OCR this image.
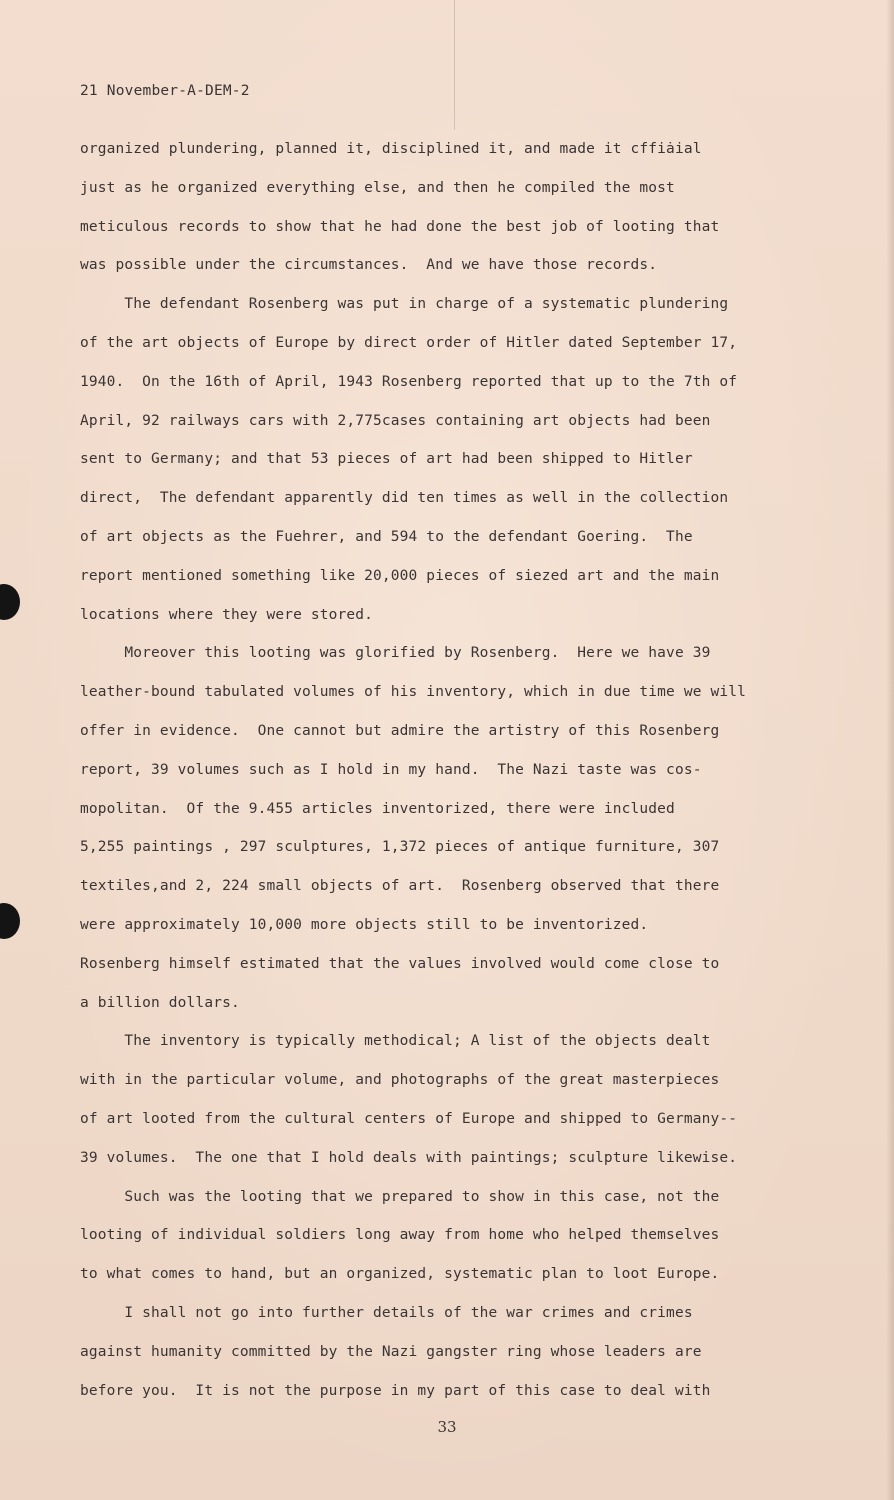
21 November-A-DEM-2
organized plundering, planned it, disciplined it, and made it cffiȧial
just as he organized everything else, and then he compiled the most
meticulous records to show that he had done the best job of looting that
was possible under the circumstances.  And we have those records.
The defendant Rosenberg was put in charge of a systematic plundering
of the art objects of Europe by direct order of Hitler dated September 17,
1940.  On the 16th of April, 1943 Rosenberg reported that up to the 7th of
April, 92 railways cars with 2,775cases containing art objects had been
sent to Germany; and that 53 pieces of art had been shipped to Hitler
direct,  The defendant apparently did ten times as well in the collection
of art objects as the Fuehrer, and 594 to the defendant Goering.  The
report mentioned something like 20,000 pieces of siezed art and the main
locations where they were stored.
Moreover this looting was glorified by Rosenberg.  Here we have 39
leather-bound tabulated volumes of his inventory, which in due time we will
offer in evidence.  One cannot but admire the artistry of this Rosenberg
report, 39 volumes such as I hold in my hand.  The Nazi taste was cos-
mopolitan.  Of the 9.455 articles inventorized, there were included
5,255 paintings , 297 sculptures, 1,372 pieces of antique furniture, 307
textiles,and 2, 224 small objects of art.  Rosenberg observed that there
were approximately 10,000 more objects still to be inventorized.
Rosenberg himself estimated that the values involved would come close to
a billion dollars.
The inventory is typically methodical; A list of the objects dealt
with in the particular volume, and photographs of the great masterpieces
of art looted from the cultural centers of Europe and shipped to Germany--
39 volumes.  The one that I hold deals with paintings; sculpture likewise.
Such was the looting that we prepared to show in this case, not the
looting of individual soldiers long away from home who helped themselves
to what comes to hand, but an organized, systematic plan to loot Europe.
I shall not go into further details of the war crimes and crimes
against humanity committed by the Nazi gangster ring whose leaders are
before you.  It is not the purpose in my part of this case to deal with
33
